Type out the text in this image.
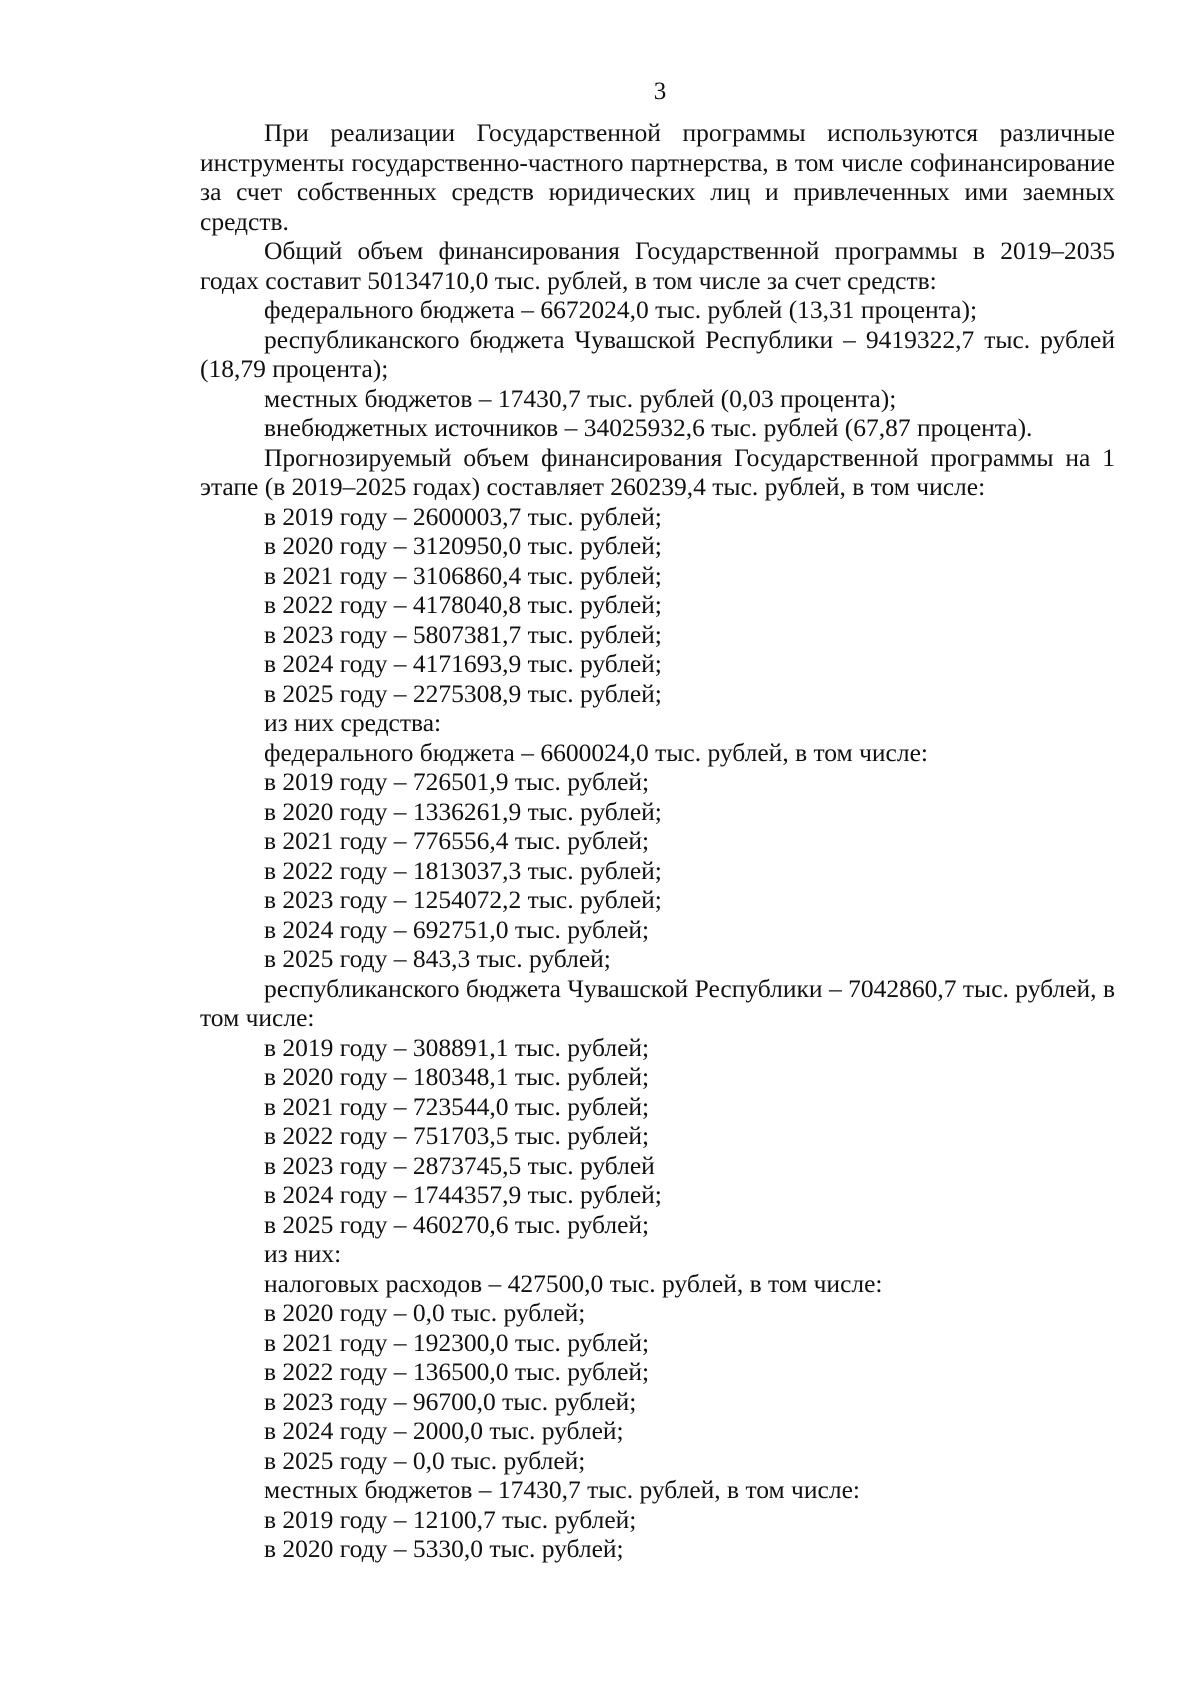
3

При реализации Государственной программы используются различные инструменты государственно-частного партнерства, в том числе софинансирование за счет собственных средств юридических лиц и привлеченных ими заемных средств.

Общий объем финансирования Государственной программы в 2019–2035 годах составит 50134710,0 тыс. рублей, в том числе за счет средств:

федерального бюджета – 6672024,0 тыс. рублей (13,31 процента);

республиканского бюджета Чувашской Республики – 9419322,7 тыс. рублей (18,79 процента);

местных бюджетов – 17430,7 тыс. рублей (0,03 процента);

внебюджетных источников – 34025932,6 тыс. рублей (67,87 процента).

Прогнозируемый объем финансирования Государственной программы на 1 этапе (в 2019–2025 годах) составляет 260239,4 тыс. рублей, в том числе:

в 2019 году – 2600003,7 тыс. рублей;

в 2020 году – 3120950,0 тыс. рублей;

в 2021 году – 3106860,4 тыс. рублей;

в 2022 году – 4178040,8 тыс. рублей;

в 2023 году – 5807381,7 тыс. рублей;

в 2024 году – 4171693,9 тыс. рублей;

в 2025 году – 2275308,9 тыс. рублей;

из них средства:

федерального бюджета – 6600024,0 тыс. рублей, в том числе:

в 2019 году – 726501,9 тыс. рублей;

в 2020 году – 1336261,9 тыс. рублей;

в 2021 году – 776556,4 тыс. рублей;

в 2022 году – 1813037,3 тыс. рублей;

в 2023 году – 1254072,2 тыс. рублей;

в 2024 году – 692751,0 тыс. рублей;

в 2025 году – 843,3 тыс. рублей;

республиканского бюджета Чувашской Республики – 7042860,7 тыс. рублей, в том числе:

в 2019 году – 308891,1 тыс. рублей;

в 2020 году – 180348,1 тыс. рублей;

в 2021 году – 723544,0 тыс. рублей;

в 2022 году – 751703,5 тыс. рублей;

в 2023 году – 2873745,5 тыс. рублей

в 2024 году – 1744357,9 тыс. рублей;

в 2025 году – 460270,6 тыс. рублей;

из них:

налоговых расходов – 427500,0 тыс. рублей, в том числе:

в 2020 году – 0,0 тыс. рублей;

в 2021 году – 192300,0 тыс. рублей;

в 2022 году – 136500,0 тыс. рублей;

в 2023 году – 96700,0 тыс. рублей;

в 2024 году – 2000,0 тыс. рублей;

в 2025 году – 0,0 тыс. рублей;

местных бюджетов – 17430,7 тыс. рублей, в том числе:

в 2019 году – 12100,7 тыс. рублей;

в 2020 году – 5330,0 тыс. рублей;
